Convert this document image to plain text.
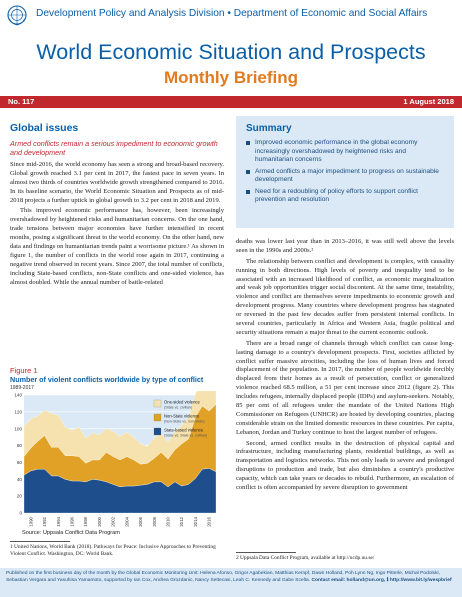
Development Policy and Analysis Division • Department of Economic and Social Affairs
World Economic Situation and Prospects
Monthly Briefing
No. 117	1 August 2018
Global issues
Armed conflicts remain a serious impediment to economic growth and development

Since mid-2016, the world economy has seen a strong and broad-based recovery. Global growth reached 3.1 per cent in 2017, the fastest pace in seven years. In almost two thirds of countries worldwide growth strengthened compared to 2016. In its baseline scenario, the World Economic Situation and Prospects as of mid-2018 projects a further uptick in global growth to 3.2 per cent in 2018 and 2019.

This improved economic performance has, however, been increasingly overshadowed by heightened risks and humanitarian concerns. On the one hand, trade tensions between major economies have further intensified in recent months, posing a significant threat to the world economy. On the other hand, new data and findings on humanitarian trends paint a worrisome picture.¹ As shown in figure 1, the number of conflicts in the world rose again in 2017, continuing a negative trend observed in recent years. Since 2007, the total number of conflicts, including State-based conflicts, non-State conflicts and one-sided violence, has almost doubled. While the annual number of battle-related

Summary
Improved economic performance in the global economy increasingly overshadowed by heightened risks and humanitarian concerns
Armed conflicts a major impediment to progress on sustainable development
Need for a redoubling of policy efforts to support conflict prevention and resolution

deaths was lower last year than in 2013–2016, it was still well above the levels seen in the 1990s and 2000s.²

The relationship between conflict and development is complex, with causality running in both directions. High levels of poverty and inequality tend to be associated with an increased likelihood of conflict, as economic marginalization and weak job opportunities trigger social discontent. At the same time, instability, violence and conflict are themselves severe impediments to economic growth and development progress. Many countries where development progress has stagnated or reversed in the past few decades suffer from persistent internal conflicts. In several countries, particularly in Africa and Western Asia, fragile political and security situations remain a major threat to the current economic outlook.

There are a broad range of channels through which conflict can cause long-lasting damage to a country's development prospects. First, societies afflicted by conflict suffer massive atrocities, including the loss of human lives and forced displacement of the population. In 2017, the number of people worldwide forcibly displaced from their homes as a result of persecution, conflict or generalized violence reached 68.5 million, a 51 per cent increase since 2012 (figure 2). This includes refugees, internally displaced people (IDPs) and asylum-seekers. Notably, 85 per cent of all refugees under the mandate of the United Nations High Commissioner on Refugees (UNHCR) are hosted by developing countries, placing considerable strain on the limited domestic resources in these countries. Per capita, Lebanon, Jordan and Turkey continue to host the largest number of refugees.

Second, armed conflict results in the destruction of physical capital and infrastructure, including manufacturing plants, residential buildings, as well as transportation and logistics networks. This not only leads to severe and prolonged disruptions to production and trade, but also diminishes a country's productive capacity, which can take years or decades to rebuild. Furthermore, an escalation of conflict is often accompanied by severe disruption to government

Figure 1
Number of violent conflicts worldwide by type of conflict
1989-2017
0
20
40
60
80
100
120
140
1990 1992 1994 1996 1998 2000 2002 2004 2006 2008 2010 2012 2014 2016
One-sided violence
(State vs. civilian)
Non-State violence
(Non-State vs. non-State)
State-based violence
(State vs. State vs. civilian)
Source: Uppsala Conflict Data Program
1 United Nations, World Bank (2018). Pathways for Peace: Inclusive Approaches to Preventing Violent Conflict. Washington, DC: World Bank.
2 Uppsala Data Conflict Program, available at http://ucdp.uu.se/
Published on the first business day of the month by the Global Economic Monitoring Unit: Helena Afonso, Grigor Agabekian, Matthias Kempf, Dawn Holland, Poh Lynn Ng, Ingo Pitterle, Michal Podolski, Sebastian Vergara and Yasuhisa Yamamoto, supported by Ian Cox, Andrea Grozdanic, Nancy Settecasi, Leah C. Kennedy and Gabe Scelta. Contact email: holland@un.org, ℹ http://www.bit.ly/wespbrief
